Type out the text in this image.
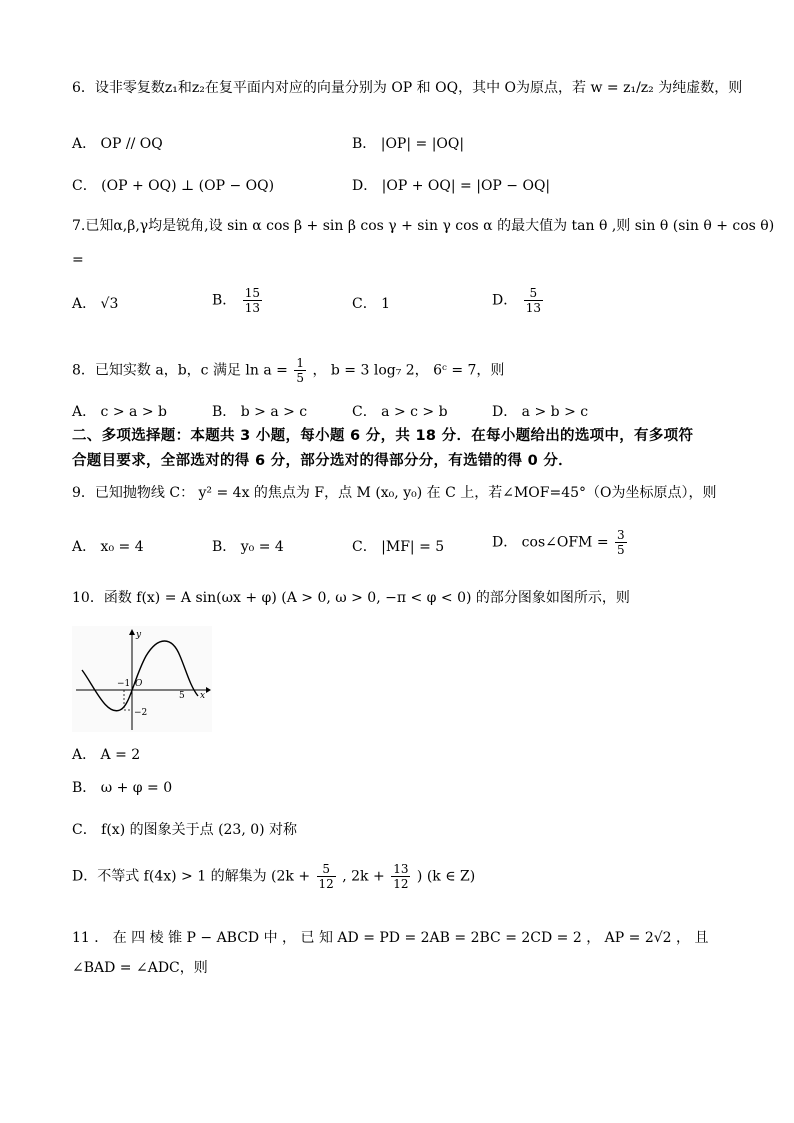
6．设非零复数z₁和z₂在复平面内对应的向量分别为 OP 和 OQ，其中 O为原点，若 w = z₁/z₂ 为纯虚数，则
A． OP // OQ	B． |OP| = |OQ|
C． (OP + OQ) ⊥ (OP − OQ)	D． |OP + OQ| = |OP − OQ|
7.已知α,β,γ均是锐角,设 sin α cos β + sin β cos γ + sin γ cos α 的最大值为 tan θ ,则 sin θ (sin θ + cos θ)
=
A． √3	B． $\frac{15}{13}$	C． 1	D． $\frac{5}{13}$
8．已知实数 a，b，c 满足 $\ln a = \frac{1}{5}$ ， b = 3 log₇ 2， 6ᶜ = 7，则
A． c > a > b	B． b > a > c	C． a > c > b	D． a > b > c
二、多项选择题：本题共 3 小题，每小题 6 分，共 18 分．在每小题给出的选项中，有多项符
合题目要求，全部选对的得 6 分，部分选对的得部分分，有选错的得 0 分．
9．已知抛物线 C： y² = 4x 的焦点为 F，点 M (x₀, y₀) 在 C 上，若∠MOF=45°（O为坐标原点），则
A． x₀ = 4	B． y₀ = 4	C． |MF| = 5	D． cos∠OFM = $\frac{3}{5}$
10．函数 f(x) = A sin(ωx + φ) (A > 0, ω > 0, −π < φ < 0) 的部分图象如图所示，则
y
x
−1 O
5
−2
A． A = 2
B． ω + φ = 0
C． f(x) 的图象关于点 (23, 0) 对称
D．不等式 f(4x) > 1 的解集为 ($2k + \frac{5}{12}$ , $2k + \frac{13}{12}$ ) (k ∈ Z)
11 ． 在 四 棱 锥 P − ABCD 中 ， 已 知 AD = PD = 2AB = 2BC = 2CD = 2 ， AP = 2√2 ， 且
∠BAD = ∠ADC，则
